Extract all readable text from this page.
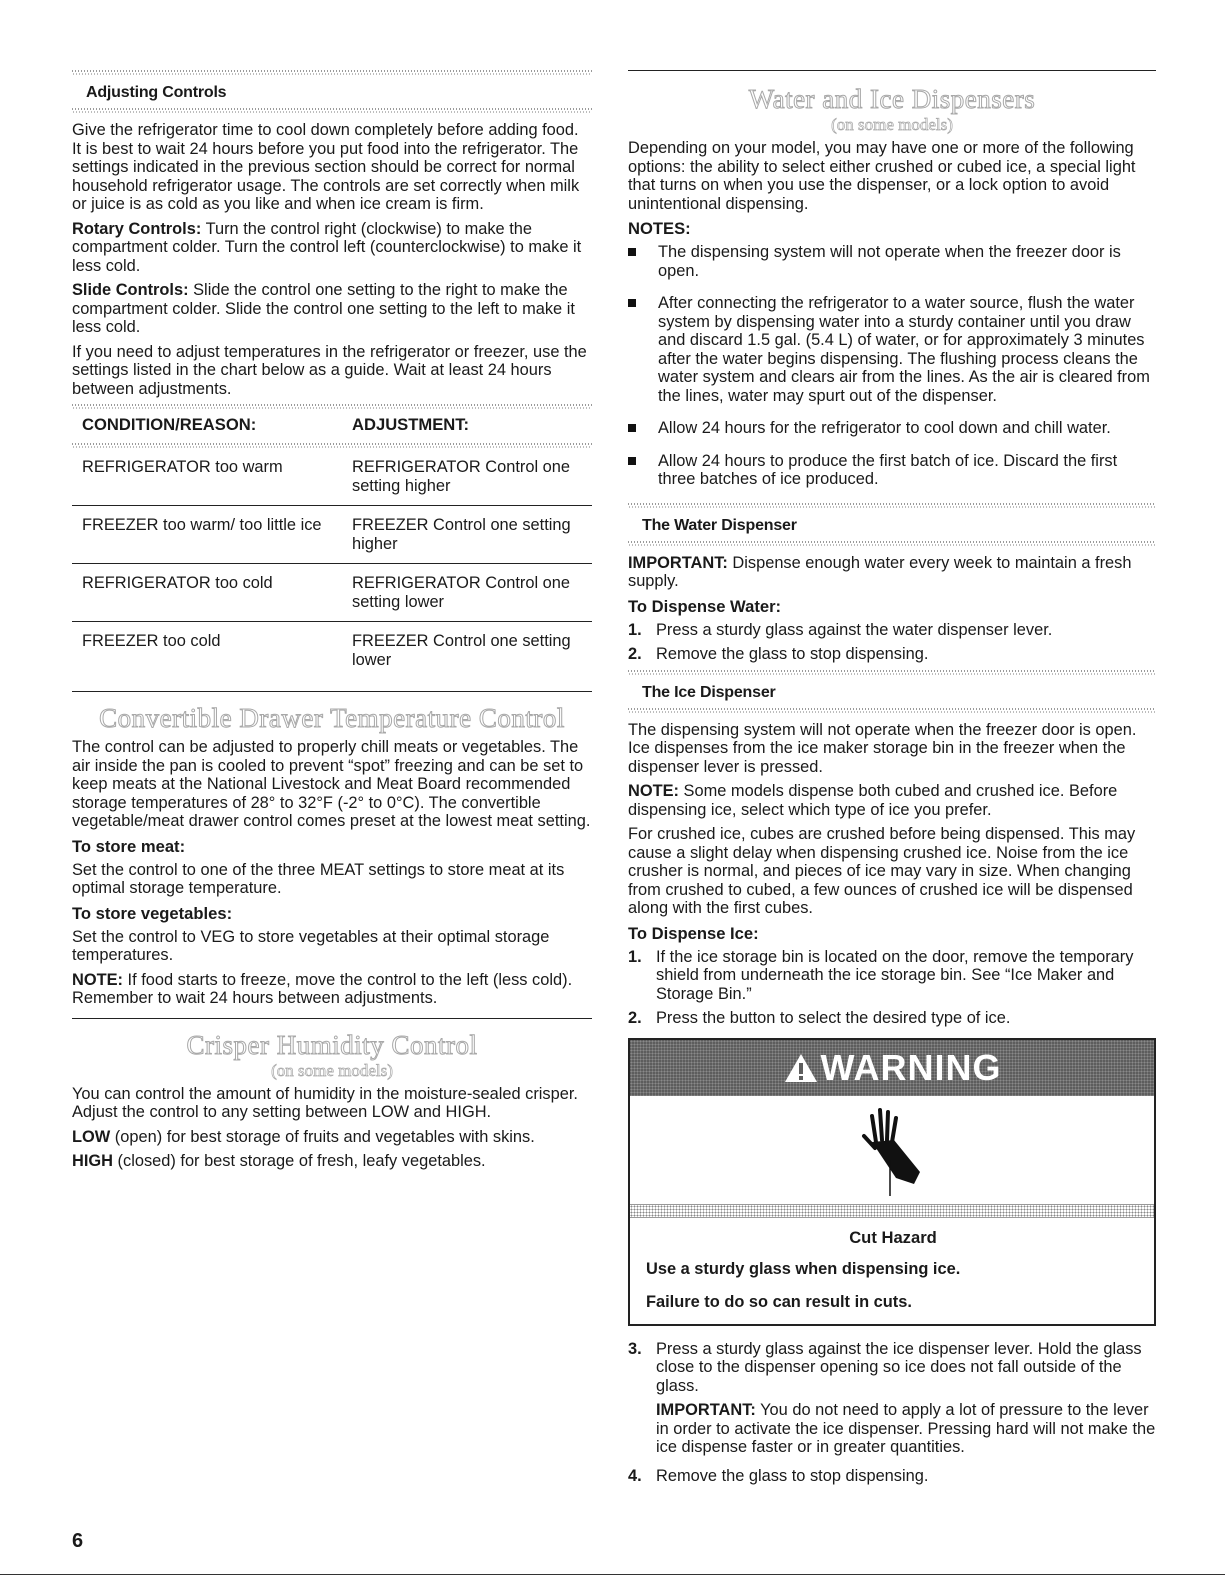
Adjusting Controls

Give the refrigerator time to cool down completely before adding food. It is best to wait 24 hours before you put food into the refrigerator. The settings indicated in the previous section should be correct for normal household refrigerator usage. The controls are set correctly when milk or juice is as cold as you like and when ice cream is firm.

Rotary Controls: Turn the control right (clockwise) to make the compartment colder. Turn the control left (counterclockwise) to make it less cold.

Slide Controls: Slide the control one setting to the right to make the compartment colder. Slide the control one setting to the left to make it less cold.

If you need to adjust temperatures in the refrigerator or freezer, use the settings listed in the chart below as a guide. Wait at least 24 hours between adjustments.

CONDITION/REASON:	ADJUSTMENT:

REFRIGERATOR too warm	REFRIGERATOR Control one setting higher
FREEZER too warm/ too little ice	FREEZER Control one setting higher
REFRIGERATOR too cold	REFRIGERATOR Control one setting lower
FREEZER too cold	FREEZER Control one setting lower
Convertible Drawer Temperature Control

The control can be adjusted to properly chill meats or vegetables. The air inside the pan is cooled to prevent “spot” freezing and can be set to keep meats at the National Livestock and Meat Board recommended storage temperatures of 28° to 32°F (-2° to 0°C). The convertible vegetable/meat drawer control comes preset at the lowest meat setting.

To store meat:

Set the control to one of the three MEAT settings to store meat at its optimal storage temperature.

To store vegetables:

Set the control to VEG to store vegetables at their optimal storage temperatures.

NOTE: If food starts to freeze, move the control to the left (less cold). Remember to wait 24 hours between adjustments.

Crisper Humidity Control
(on some models)

You can control the amount of humidity in the moisture-sealed crisper. Adjust the control to any setting between LOW and HIGH.

LOW (open) for best storage of fruits and vegetables with skins.

HIGH (closed) for best storage of fresh, leafy vegetables.

Water and Ice Dispensers
(on some models)

Depending on your model, you may have one or more of the following options: the ability to select either crushed or cubed ice, a special light that turns on when you use the dispenser, or a lock option to avoid unintentional dispensing.

NOTES:
The dispensing system will not operate when the freezer door is open.
After connecting the refrigerator to a water source, flush the water system by dispensing water into a sturdy container until you draw and discard 1.5 gal. (5.4 L) of water, or for approximately 3 minutes after the water begins dispensing. The flushing process cleans the water system and clears air from the lines. As the air is cleared from the lines, water may spurt out of the dispenser.
Allow 24 hours for the refrigerator to cool down and chill water.
Allow 24 hours to produce the first batch of ice. Discard the first three batches of ice produced.
The Water Dispenser

IMPORTANT: Dispense enough water every week to maintain a fresh supply.

To Dispense Water:
1. Press a sturdy glass against the water dispenser lever.
2. Remove the glass to stop dispensing.
The Ice Dispenser

The dispensing system will not operate when the freezer door is open. Ice dispenses from the ice maker storage bin in the freezer when the dispenser lever is pressed.

NOTE: Some models dispense both cubed and crushed ice. Before dispensing ice, select which type of ice you prefer.

For crushed ice, cubes are crushed before being dispensed. This may cause a slight delay when dispensing crushed ice. Noise from the ice crusher is normal, and pieces of ice may vary in size. When changing from crushed to cubed, a few ounces of crushed ice will be dispensed along with the first cubes.

To Dispense Ice:
1. If the ice storage bin is located on the door, remove the temporary shield from underneath the ice storage bin. See “Ice Maker and Storage Bin.”
2. Press the button to select the desired type of ice.
WARNING
Cut Hazard
Use a sturdy glass when dispensing ice.
Failure to do so can result in cuts.
3. Press a sturdy glass against the ice dispenser lever. Hold the glass close to the dispenser opening so ice does not fall outside of the glass.
IMPORTANT: You do not need to apply a lot of pressure to the lever in order to activate the ice dispenser. Pressing hard will not make the ice dispense faster or in greater quantities.
4. Remove the glass to stop dispensing.
6
